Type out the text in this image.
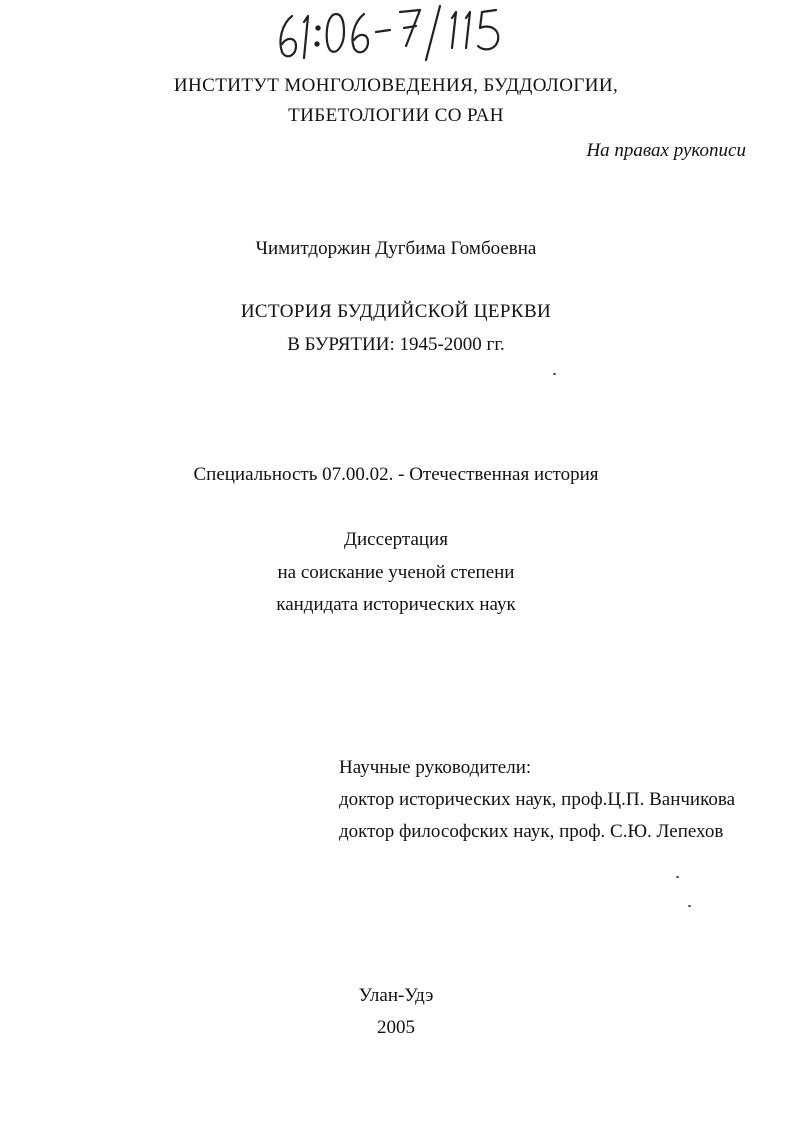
ИНСТИТУТ МОНГОЛОВЕДЕНИЯ, БУДДОЛОГИИ,
ТИБЕТОЛОГИИ СО РАН
На правах рукописи
Чимитдоржин Дугбима Гомбоевна
ИСТОРИЯ БУДДИЙСКОЙ ЦЕРКВИ
В БУРЯТИИ: 1945-2000 гг.
Специальность 07.00.02. - Отечественная история
Диссертация
на соискание ученой степени
кандидата исторических наук
Научные руководители:
доктор исторических наук, проф.Ц.П. Ванчикова
доктор философских наук, проф. С.Ю. Лепехов
Улан-Удэ
2005
